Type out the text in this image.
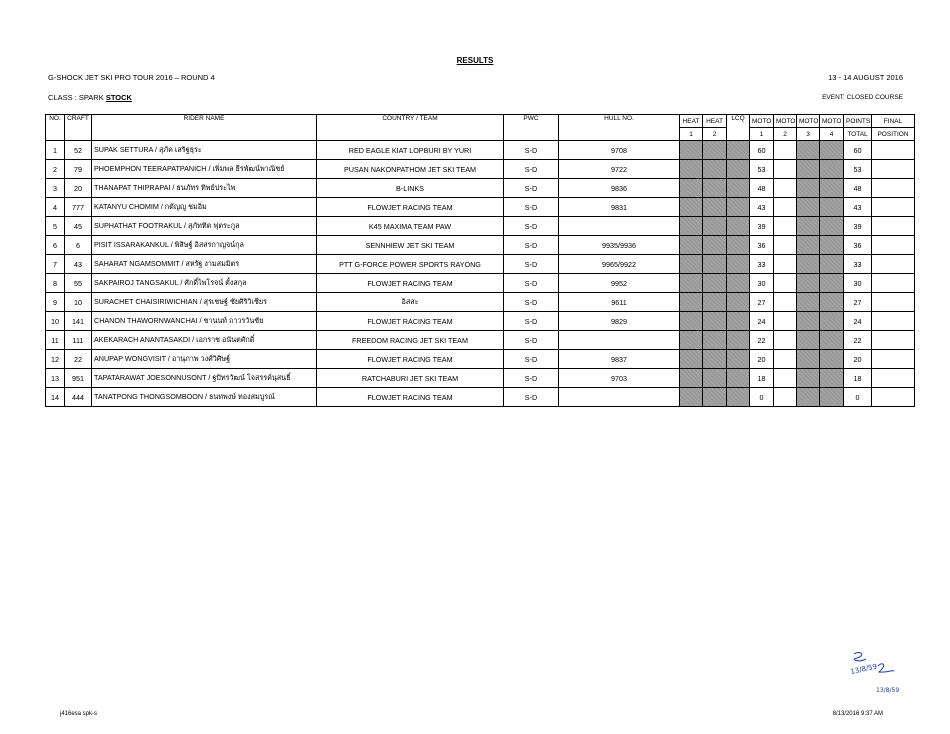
RESULTS
G-SHOCK JET SKI PRO TOUR 2016 – ROUND 4	13 - 14 AUGUST 2016
CLASS : SPARK STOCK	EVENT: CLOSED COURSE
NO.	CRAFT	RIDER NAME	COUNTRY / TEAM	PWC	HULL NO.	HEAT	HEAT	LCQ	MOTO	MOTO	MOTO	MOTO	POINTS	FINAL
						1	2		1	2	3	4	TOTAL	POSITION
1	52	SUPAK SETTURA / สุภัค เสริฐธุระ	RED EAGLE KIAT LOPBURI BY YURI	S-D	9708				60				60	
2	79	PHOEMPHON TEERAPATPANICH / เพิ่มพล ธีรพัฒน์พาณิชย์	PUSAN NAKONPATHOM JET SKI TEAM	S-D	9722				53				53	
3	20	THANAPAT THIPRAPAI / ธนภัทร ทิพย์ประไพ	B-LINKS	S-D	9836				48				48	
4	777	KATANYU CHOMIM / กตัญญู ชมอิ่ม	FLOWJET RACING TEAM	S-D	9831				43				43	
5	45	SUPHATHAT FOOTRAKUL / สุภัททิต ฟุตระกูล	K45 MAXIMA TEAM PAW	S-D					39				39	
6	6	PISIT ISSARAKANKUL / พิสิษฐ์ อิสสรกาญจน์กุล	SENNHIEW JET SKI TEAM	S-D	9935/9936				36				36	
7	43	SAHARAT NGAMSOMMIT / สหรัฐ งามสมมิตร	PTT G-FORCE POWER SPORTS RAYONG	S-D	9965/9922				33				33	
8	55	SAKPAIROJ TANGSAKUL / ศักดิ์ไพโรจน์ ตั้งสกุล	FLOWJET RACING TEAM	S-D	9952				30				30	
9	10	SURACHET CHAISIRIWICHIAN / สุรเชษฐ์ ชัยศิริวิเชียร	อิสสะ	S-D	9611				27				27	
10	141	CHANON THAWORNWANCHAI / ชานนท์ ถาวรวันชัย	FLOWJET RACING TEAM	S-D	9829				24				24	
11	111	AKEKARACH ANANTASAKDI / เอกราช อนันตศักดิ์	FREEDOM RACING JET SKI TEAM	S-D					22				22	
12	22	ANUPAP WONGVISIT / อานุภาพ วงศ์วิศิษฐ์	FLOWJET RACING TEAM	S-D	9837				20				20	
13	951	TAPATARAWAT JOESONNUSONT / ฐปัทรวัฒน์ โจสรรค์นุสนธิ์	RATCHABURI JET SKI TEAM	S-D	9703				18				18	
14	444	TANATPONG THONGSOMBOON / ธนทพงษ์ ทองสมบูรณ์	FLOWJET RACING TEAM	S-D					0				0	
j416esa spk-s	8/13/2016 9:37 AM
13/8/59
13/8/59
